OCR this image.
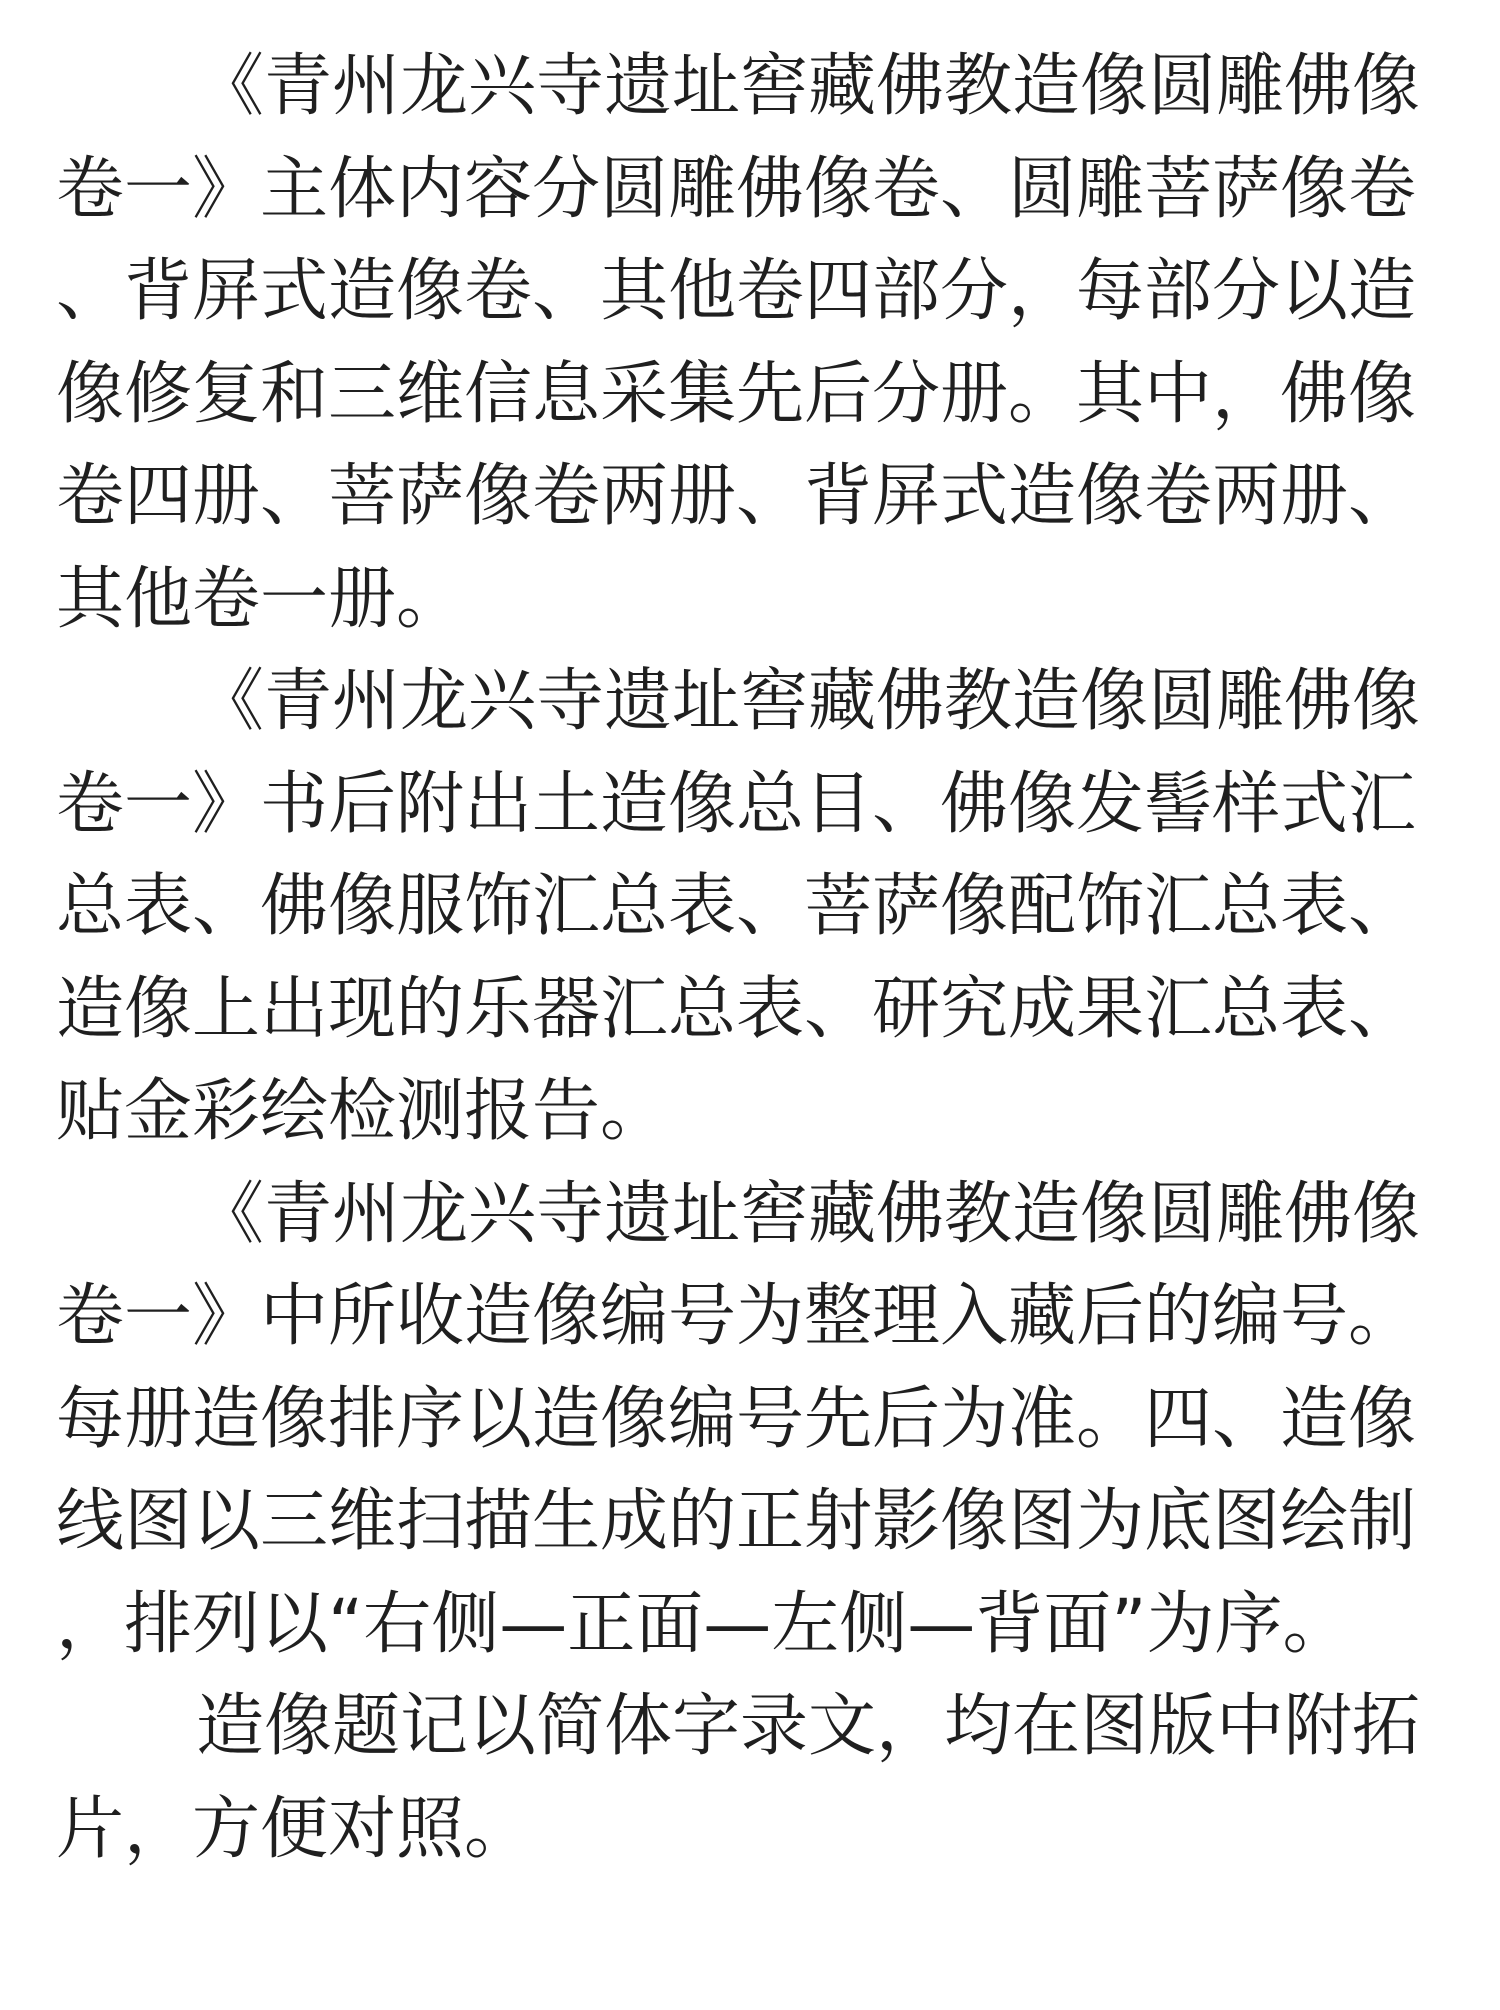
《青州龙兴寺遗址窖藏佛教造像圆雕佛像
卷一》主体内容分圆雕佛像卷、圆雕菩萨像卷
、背屏式造像卷、其他卷四部分，每部分以造
像修复和三维信息采集先后分册。其中，佛像
卷四册、菩萨像卷两册、背屏式造像卷两册、
其他卷一册。
《青州龙兴寺遗址窖藏佛教造像圆雕佛像
卷一》书后附出土造像总目、佛像发髻样式汇
总表、佛像服饰汇总表、菩萨像配饰汇总表、
造像上出现的乐器汇总表、研究成果汇总表、
贴金彩绘检测报告。
《青州龙兴寺遗址窖藏佛教造像圆雕佛像
卷一》中所收造像编号为整理入藏后的编号。
每册造像排序以造像编号先后为准。四、造像
线图以三维扫描生成的正射影像图为底图绘制
，排列以“右侧—正面—左侧—背面”为序。
造像题记以简体字录文，均在图版中附拓
片，方便对照。
